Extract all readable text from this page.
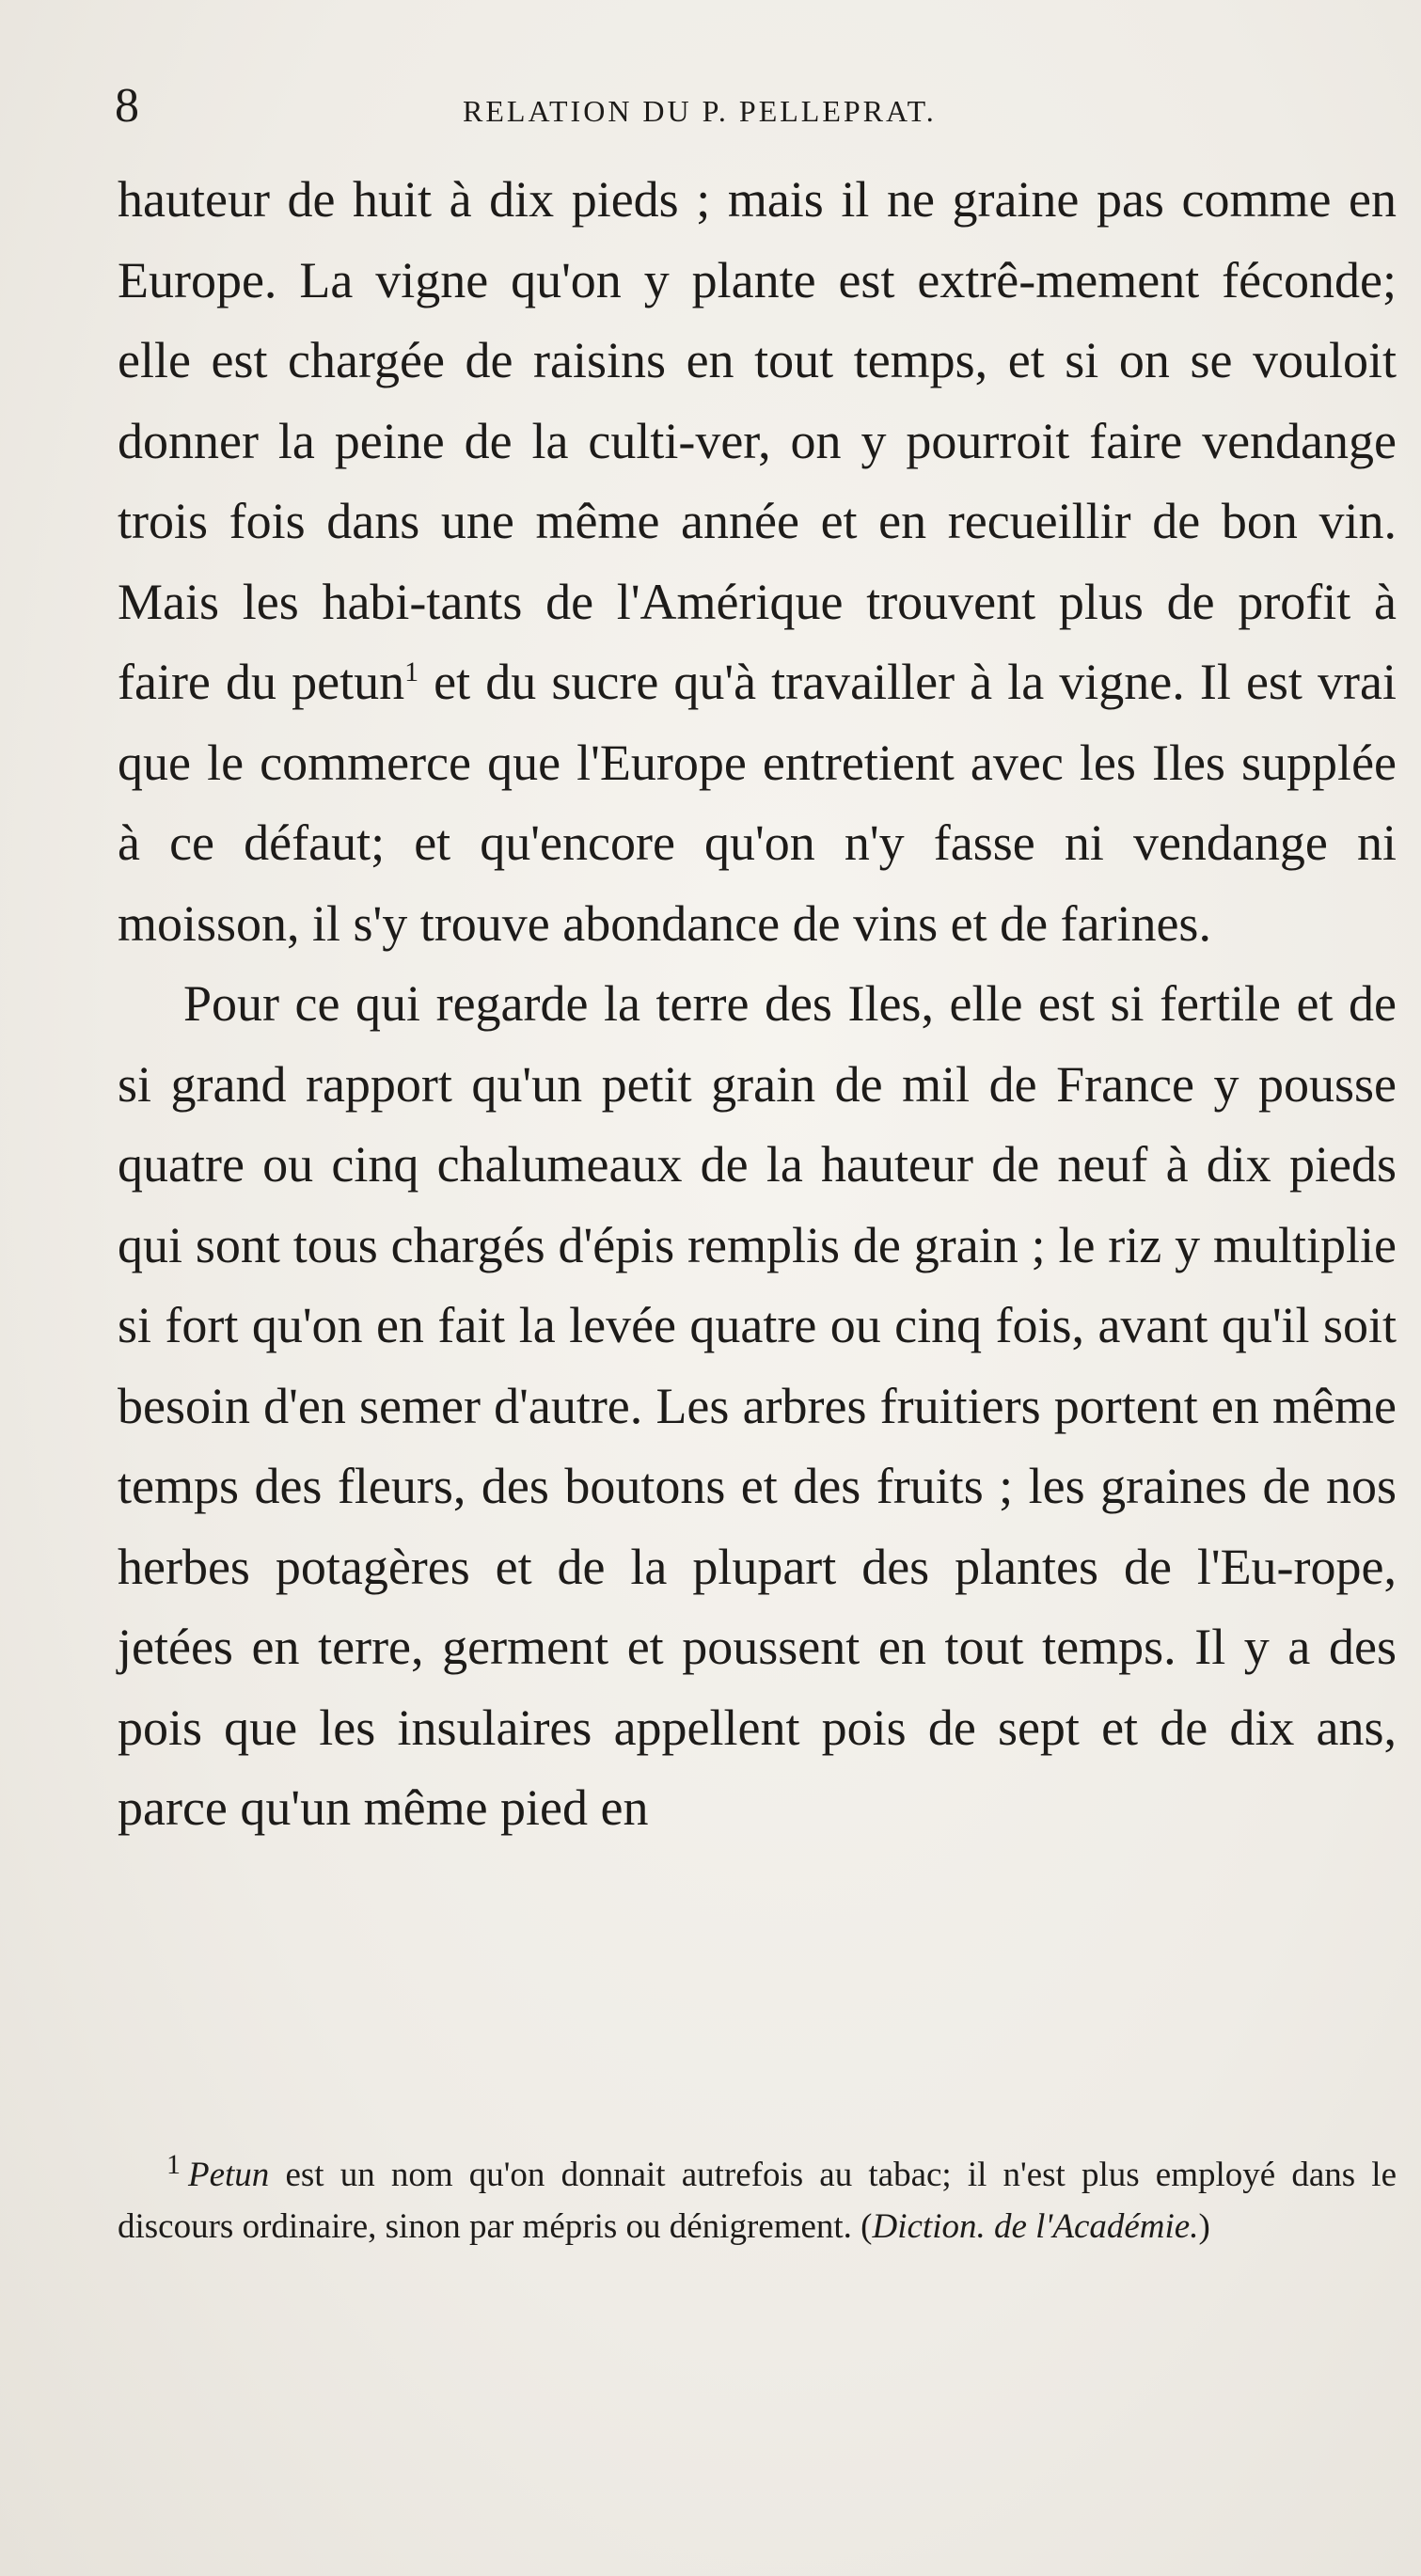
8	RELATION DU P. PELLEPRAT.

hauteur de huit à dix pieds ; mais il ne graine pas comme en Europe. La vigne qu'on y plante est extrê-mement féconde; elle est chargée de raisins en tout temps, et si on se vouloit donner la peine de la culti-ver, on y pourroit faire vendange trois fois dans une même année et en recueillir de bon vin. Mais les habi-tants de l'Amérique trouvent plus de profit à faire du petun$^1$ et du sucre qu'à travailler à la vigne. Il est vrai que le commerce que l'Europe entretient avec les Iles supplée à ce défaut; et qu'encore qu'on n'y fasse ni vendange ni moisson, il s'y trouve abondance de vins et de farines.

Pour ce qui regarde la terre des Iles, elle est si fertile et de si grand rapport qu'un petit grain de mil de France y pousse quatre ou cinq chalumeaux de la hauteur de neuf à dix pieds qui sont tous chargés d'épis remplis de grain ; le riz y multiplie si fort qu'on en fait la levée quatre ou cinq fois, avant qu'il soit besoin d'en semer d'autre. Les arbres fruitiers portent en même temps des fleurs, des boutons et des fruits ; les graines de nos herbes potagères et de la plupart des plantes de l'Eu-rope, jetées en terre, germent et poussent en tout temps. Il y a des pois que les insulaires appellent pois de sept et de dix ans, parce qu'un même pied en

$^1$ Petun est un nom qu'on donnait autrefois au tabac; il n'est plus employé dans le discours ordinaire, sinon par mépris ou dénigrement. (Diction. de l'Académie.)
